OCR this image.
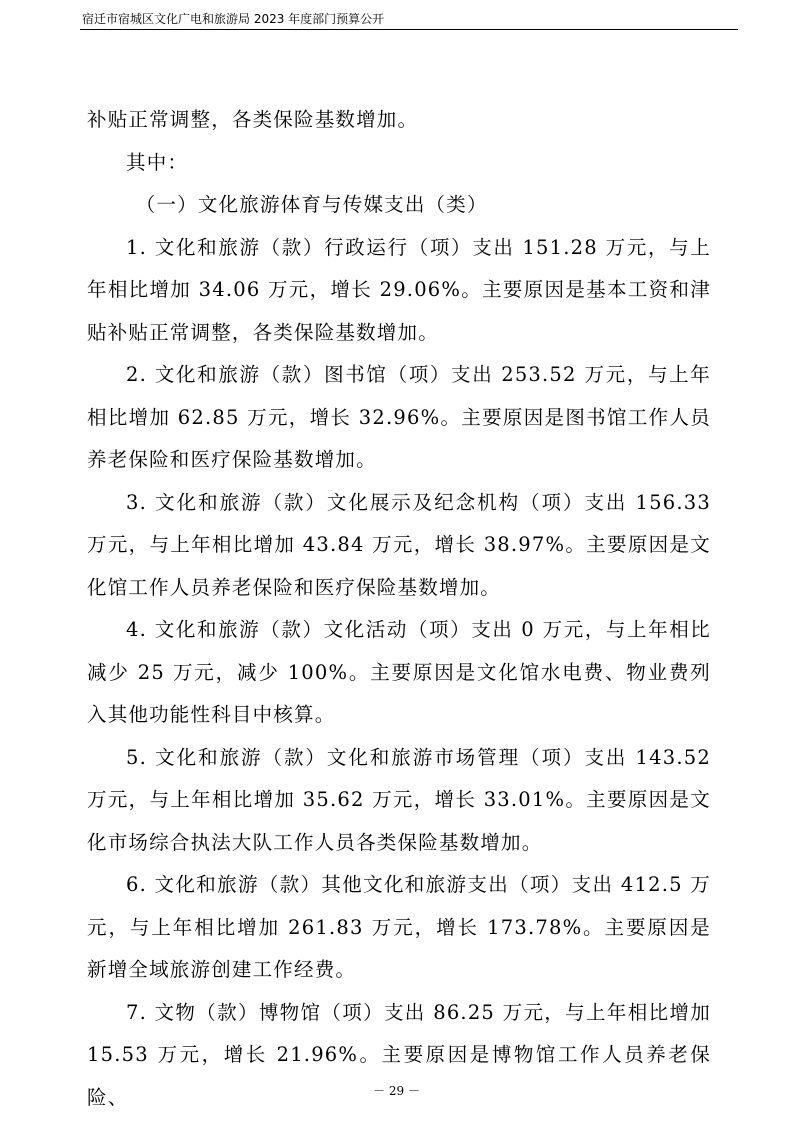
宿迁市宿城区文化广电和旅游局 2023 年度部门预算公开

补贴正常调整，各类保险基数增加。

其中：

（一）文化旅游体育与传媒支出（类）

1. 文化和旅游（款）行政运行（项）支出 151.28 万元，与上年相比增加 34.06 万元，增长 29.06%。主要原因是基本工资和津贴补贴正常调整，各类保险基数增加。

2. 文化和旅游（款）图书馆（项）支出 253.52 万元，与上年相比增加 62.85 万元，增长 32.96%。主要原因是图书馆工作人员养老保险和医疗保险基数增加。

3. 文化和旅游（款）文化展示及纪念机构（项）支出 156.33 万元，与上年相比增加 43.84 万元，增长 38.97%。主要原因是文化馆工作人员养老保险和医疗保险基数增加。

4. 文化和旅游（款）文化活动（项）支出 0 万元，与上年相比减少 25 万元，减少 100%。主要原因是文化馆水电费、物业费列入其他功能性科目中核算。

5. 文化和旅游（款）文化和旅游市场管理（项）支出 143.52 万元，与上年相比增加 35.62 万元，增长 33.01%。主要原因是文化市场综合执法大队工作人员各类保险基数增加。

6. 文化和旅游（款）其他文化和旅游支出（项）支出 412.5 万元，与上年相比增加 261.83 万元，增长 173.78%。主要原因是新增全域旅游创建工作经费。

7. 文物（款）博物馆（项）支出 86.25 万元，与上年相比增加 15.53 万元，增长 21.96%。主要原因是博物馆工作人员养老保险、	－ 29 －
